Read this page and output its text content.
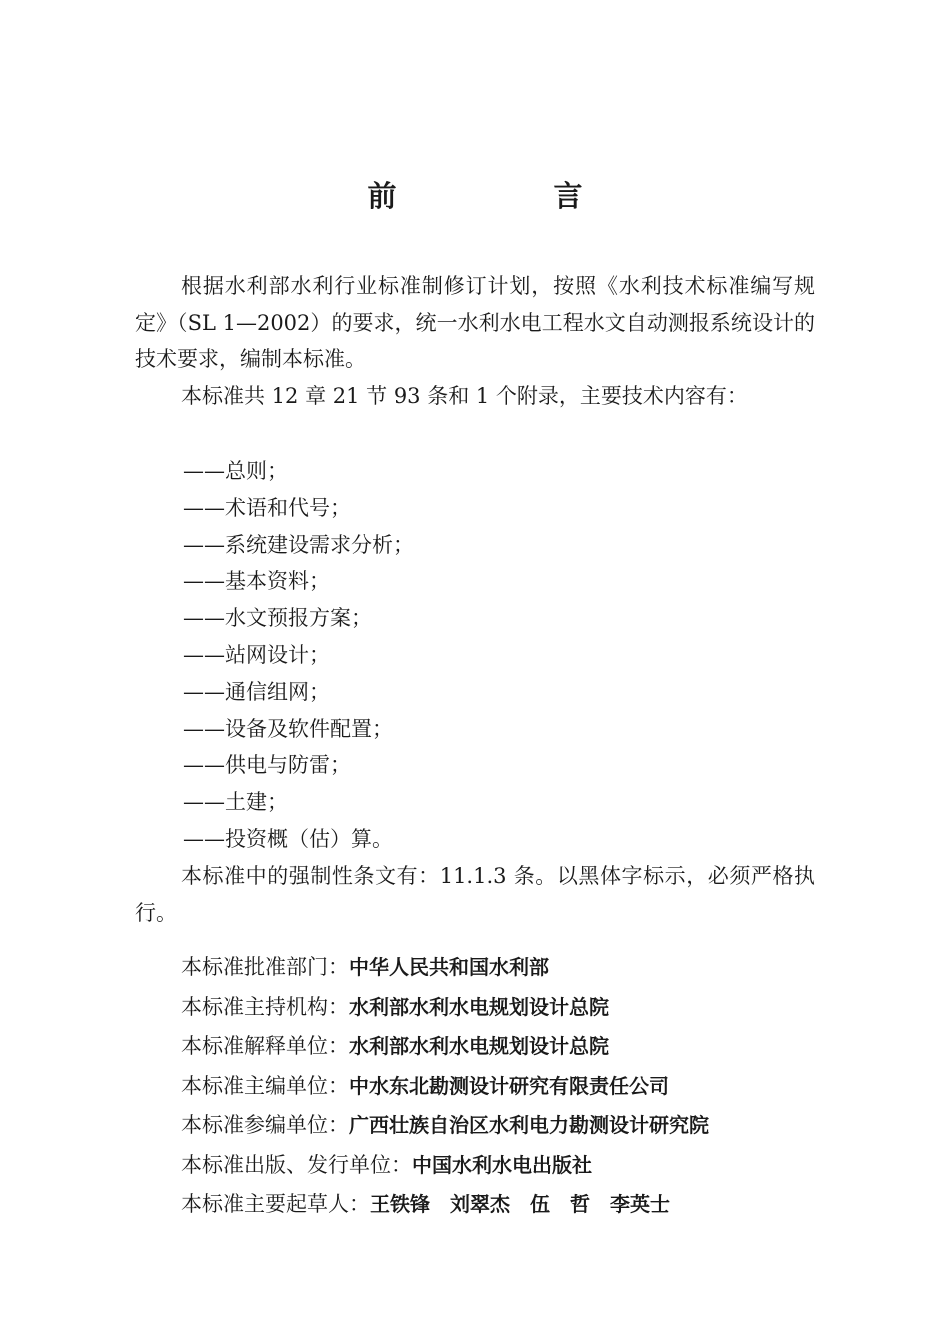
前　言

根据水利部水利行业标准制修订计划，按照《水利技术标准编写规定》（SL 1—2002）的要求，统一水利水电工程水文自动测报系统设计的技术要求，编制本标准。

本标准共 12 章 21 节 93 条和 1 个附录，主要技术内容有：

——总则；
——术语和代号；
——系统建设需求分析；
——基本资料；
——水文预报方案；
——站网设计；
——通信组网；
——设备及软件配置；
——供电与防雷；
——土建；
——投资概（估）算。

本标准中的强制性条文有：11.1.3 条。以黑体字标示，必须严格执行。

本标准批准部门：中华人民共和国水利部
本标准主持机构：水利部水利水电规划设计总院
本标准解释单位：水利部水利水电规划设计总院
本标准主编单位：中水东北勘测设计研究有限责任公司
本标准参编单位：广西壮族自治区水利电力勘测设计研究院
本标准出版、发行单位：中国水利水电出版社
本标准主要起草人：王铁锋　刘翠杰　伍　哲　李英士
